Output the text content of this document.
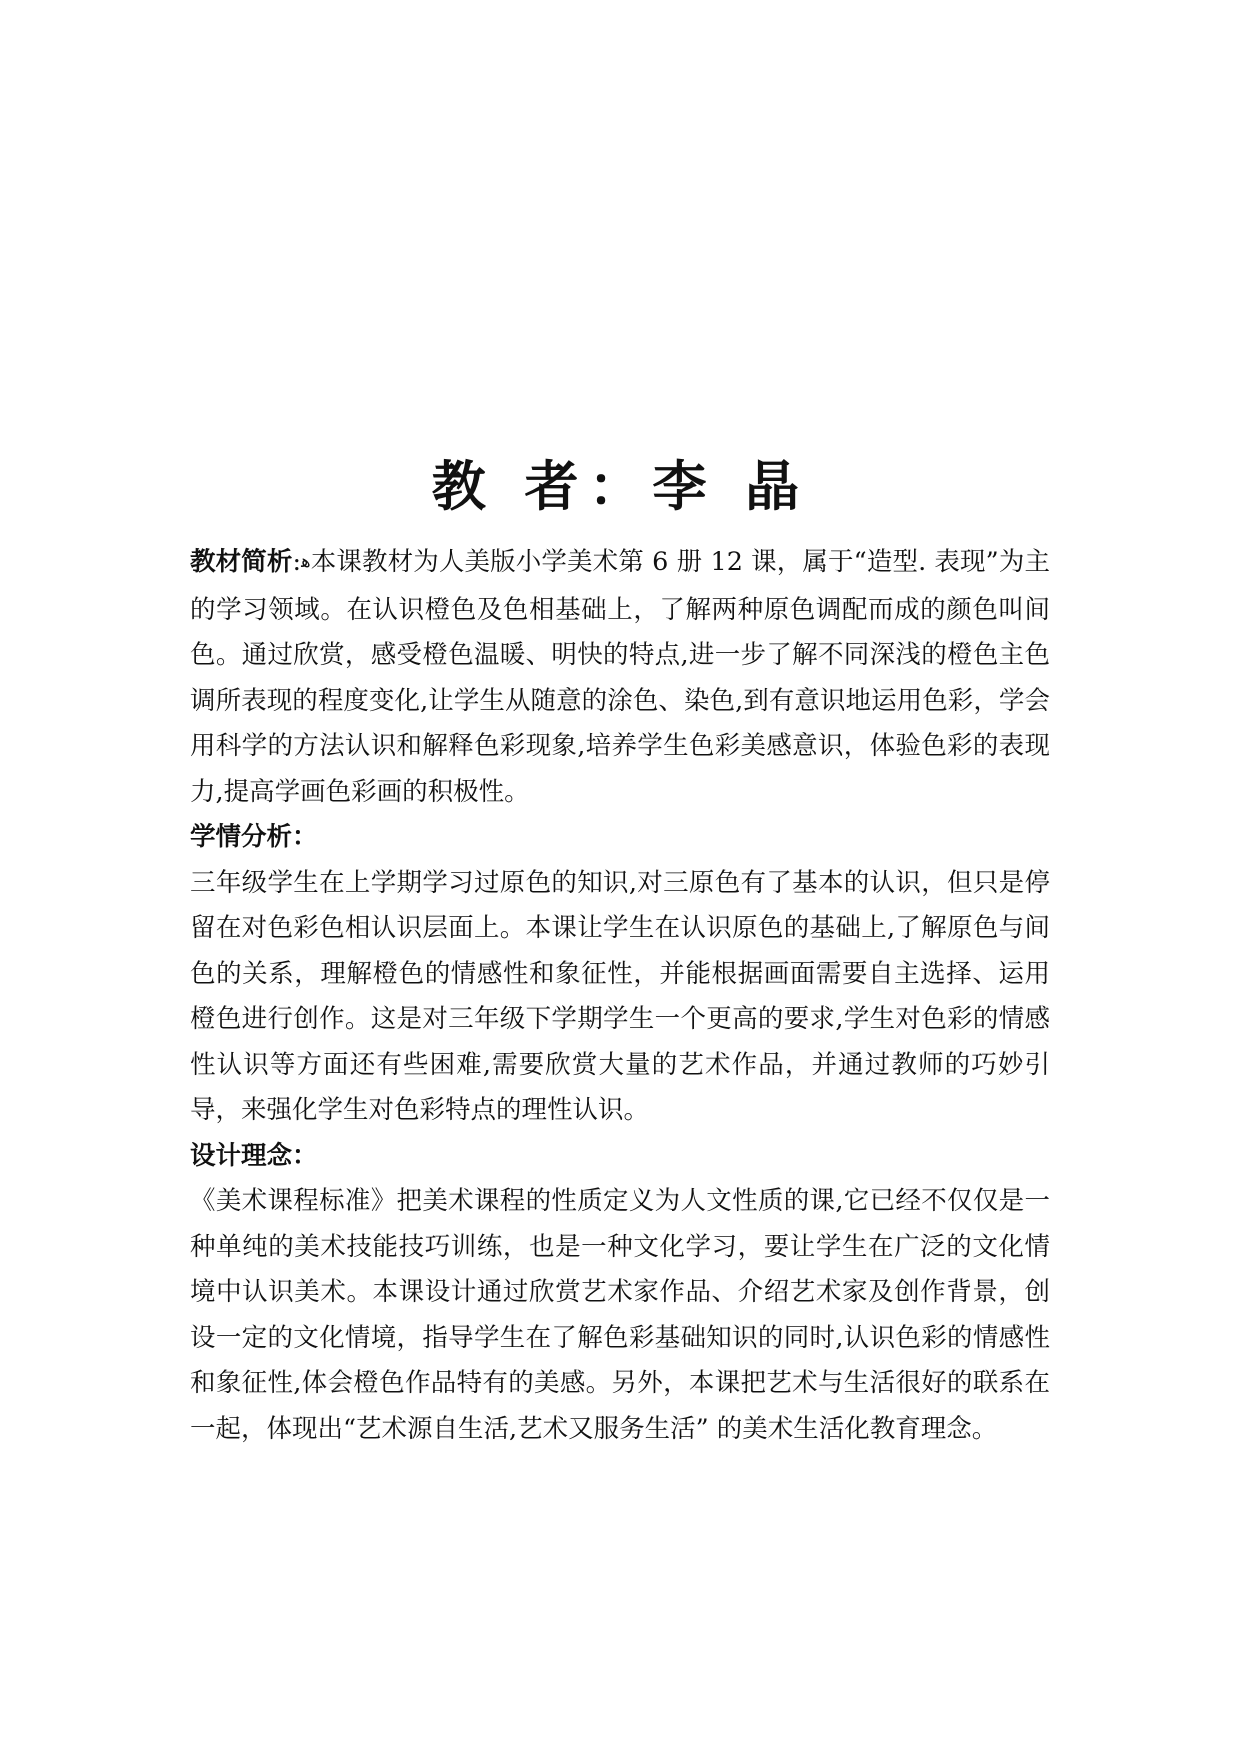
教 者：李 晶

教材简析:ﻫ本课教材为人美版小学美术第 6 册 12 课，属于“造型. 表现”为主的学习领域。在认识橙色及色相基础上，了解两种原色调配而成的颜色叫间色。通过欣赏，感受橙色温暖、明快的特点,进一步了解不同深浅的橙色主色调所表现的程度变化,让学生从随意的涂色、染色,到有意识地运用色彩，学会用科学的方法认识和解释色彩现象,培养学生色彩美感意识，体验色彩的表现力,提高学画色彩画的积极性。

学情分析：

三年级学生在上学期学习过原色的知识,对三原色有了基本的认识，但只是停留在对色彩色相认识层面上。本课让学生在认识原色的基础上,了解原色与间色的关系，理解橙色的情感性和象征性，并能根据画面需要自主选择、运用橙色进行创作。这是对三年级下学期学生一个更高的要求,学生对色彩的情感性认识等方面还有些困难,需要欣赏大量的艺术作品，并通过教师的巧妙引导，来强化学生对色彩特点的理性认识。

设计理念：

《美术课程标准》把美术课程的性质定义为人文性质的课,它已经不仅仅是一种单纯的美术技能技巧训练，也是一种文化学习，要让学生在广泛的文化情境中认识美术。本课设计通过欣赏艺术家作品、介绍艺术家及创作背景，创设一定的文化情境，指导学生在了解色彩基础知识的同时,认识色彩的情感性和象征性,体会橙色作品特有的美感。另外，本课把艺术与生活很好的联系在一起，体现出“艺术源自生活,艺术又服务生活” 的美术生活化教育理念。
